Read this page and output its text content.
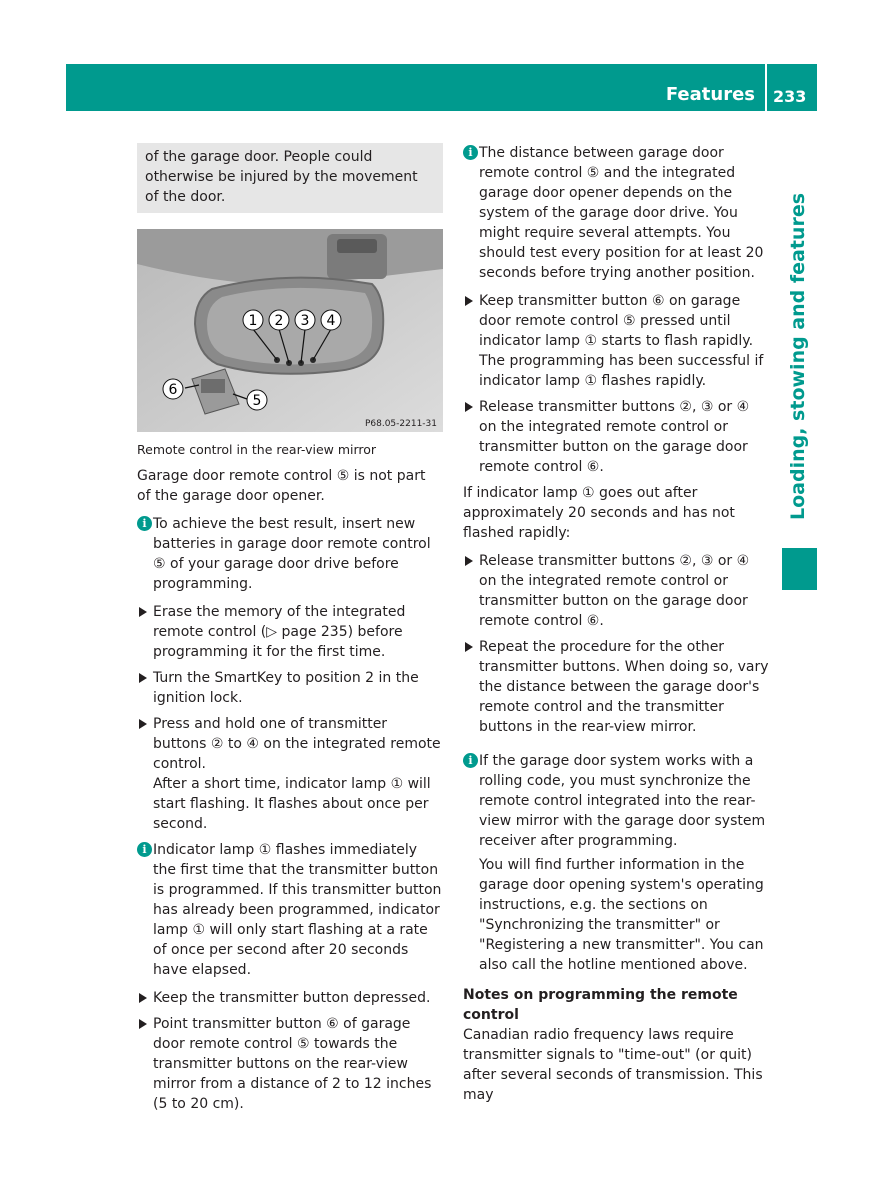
Features 233
Loading, stowing and features
of the garage door. People could otherwise be injured by the movement of the door.
1 2 3 4
6
5
P68.05-2211-31
Remote control in the rear-view mirror

Garage door remote control ⑤ is not part of the garage door opener.

i To achieve the best result, insert new batteries in garage door remote control ⑤ of your garage door drive before programming.
Erase the memory of the integrated remote control (▷ page 235) before programming it for the first time.
Turn the SmartKey to position 2 in the ignition lock.
Press and hold one of transmitter buttons ② to ④ on the integrated remote control.
After a short time, indicator lamp ① will start flashing. It flashes about once per second.
i Indicator lamp ① flashes immediately the first time that the transmitter button is programmed. If this transmitter button has already been programmed, indicator lamp ① will only start flashing at a rate of once per second after 20 seconds have elapsed.
Keep the transmitter button depressed.
Point transmitter button ⑥ of garage door remote control ⑤ towards the transmitter buttons on the rear-view mirror from a distance of 2 to 12 inches (5 to 20 cm).
i The distance between garage door remote control ⑤ and the integrated garage door opener depends on the system of the garage door drive. You might require several attempts. You should test every position for at least 20 seconds before trying another position.
Keep transmitter button ⑥ on garage door remote control ⑤ pressed until indicator lamp ① starts to flash rapidly.
The programming has been successful if indicator lamp ① flashes rapidly.
Release transmitter buttons ②, ③ or ④ on the integrated remote control or transmitter button on the garage door remote control ⑥.

If indicator lamp ① goes out after approximately 20 seconds and has not flashed rapidly:

Release transmitter buttons ②, ③ or ④ on the integrated remote control or transmitter button on the garage door remote control ⑥.
Repeat the procedure for the other transmitter buttons. When doing so, vary the distance between the garage door's remote control and the transmitter buttons in the rear-view mirror.
i If the garage door system works with a rolling code, you must synchronize the remote control integrated into the rear-view mirror with the garage door system receiver after programming.
You will find further information in the garage door opening system's operating instructions, e.g. the sections on "Synchronizing the transmitter" or "Registering a new transmitter". You can also call the hotline mentioned above.
Notes on programming the remote control

Canadian radio frequency laws require transmitter signals to "time-out" (or quit) after several seconds of transmission. This may
